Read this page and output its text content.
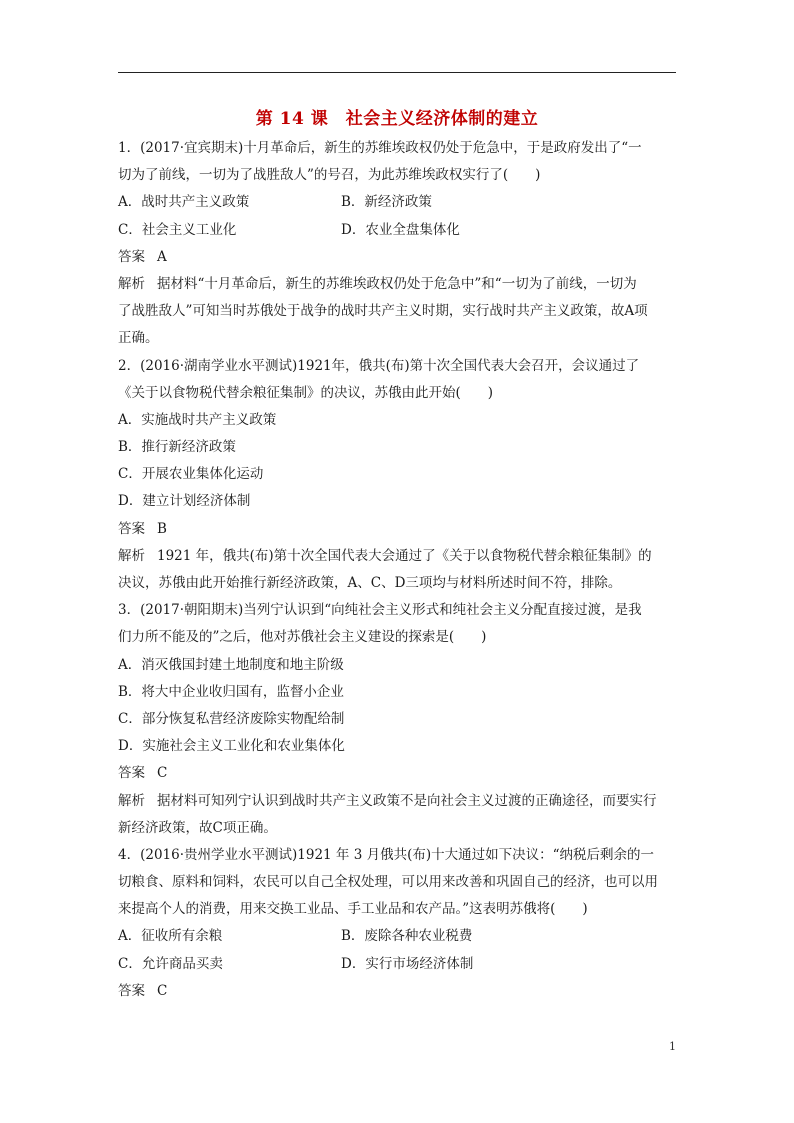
第 14 课　社会主义经济体制的建立
1．(2017·宜宾期末)十月革命后，新生的苏维埃政权仍处于危急中，于是政府发出了“一
切为了前线，一切为了战胜敌人”的号召，为此苏维埃政权实行了(　　)
A．战时共产主义政策	B．新经济政策
C．社会主义工业化	D．农业全盘集体化
答案 A
解析 据材料“十月革命后，新生的苏维埃政权仍处于危急中”和“一切为了前线，一切为
了战胜敌人”可知当时苏俄处于战争的战时共产主义时期，实行战时共产主义政策，故A项
正确。
2．(2016·湖南学业水平测试)1921年，俄共(布)第十次全国代表大会召开，会议通过了
《关于以食物税代替余粮征集制》的决议，苏俄由此开始(　　)
A．实施战时共产主义政策
B．推行新经济政策
C．开展农业集体化运动
D．建立计划经济体制
答案 B
解析 1921 年，俄共(布)第十次全国代表大会通过了《关于以食物税代替余粮征集制》的
决议，苏俄由此开始推行新经济政策，A、C、D三项均与材料所述时间不符，排除。
3．(2017·朝阳期末)当列宁认识到“向纯社会主义形式和纯社会主义分配直接过渡，是我
们力所不能及的”之后，他对苏俄社会主义建设的探索是(　　)
A．消灭俄国封建土地制度和地主阶级
B．将大中企业收归国有，监督小企业
C．部分恢复私营经济废除实物配给制
D．实施社会主义工业化和农业集体化
答案 C
解析 据材料可知列宁认识到战时共产主义政策不是向社会主义过渡的正确途径，而要实行
新经济政策，故C项正确。
4．(2016·贵州学业水平测试)1921 年 3 月俄共(布)十大通过如下决议：“纳税后剩余的一
切粮食、原料和饲料，农民可以自己全权处理，可以用来改善和巩固自己的经济，也可以用
来提高个人的消费，用来交换工业品、手工业品和农产品。”这表明苏俄将(　　)
A．征收所有余粮	B．废除各种农业税费
C．允许商品买卖	D．实行市场经济体制
答案 C
1
